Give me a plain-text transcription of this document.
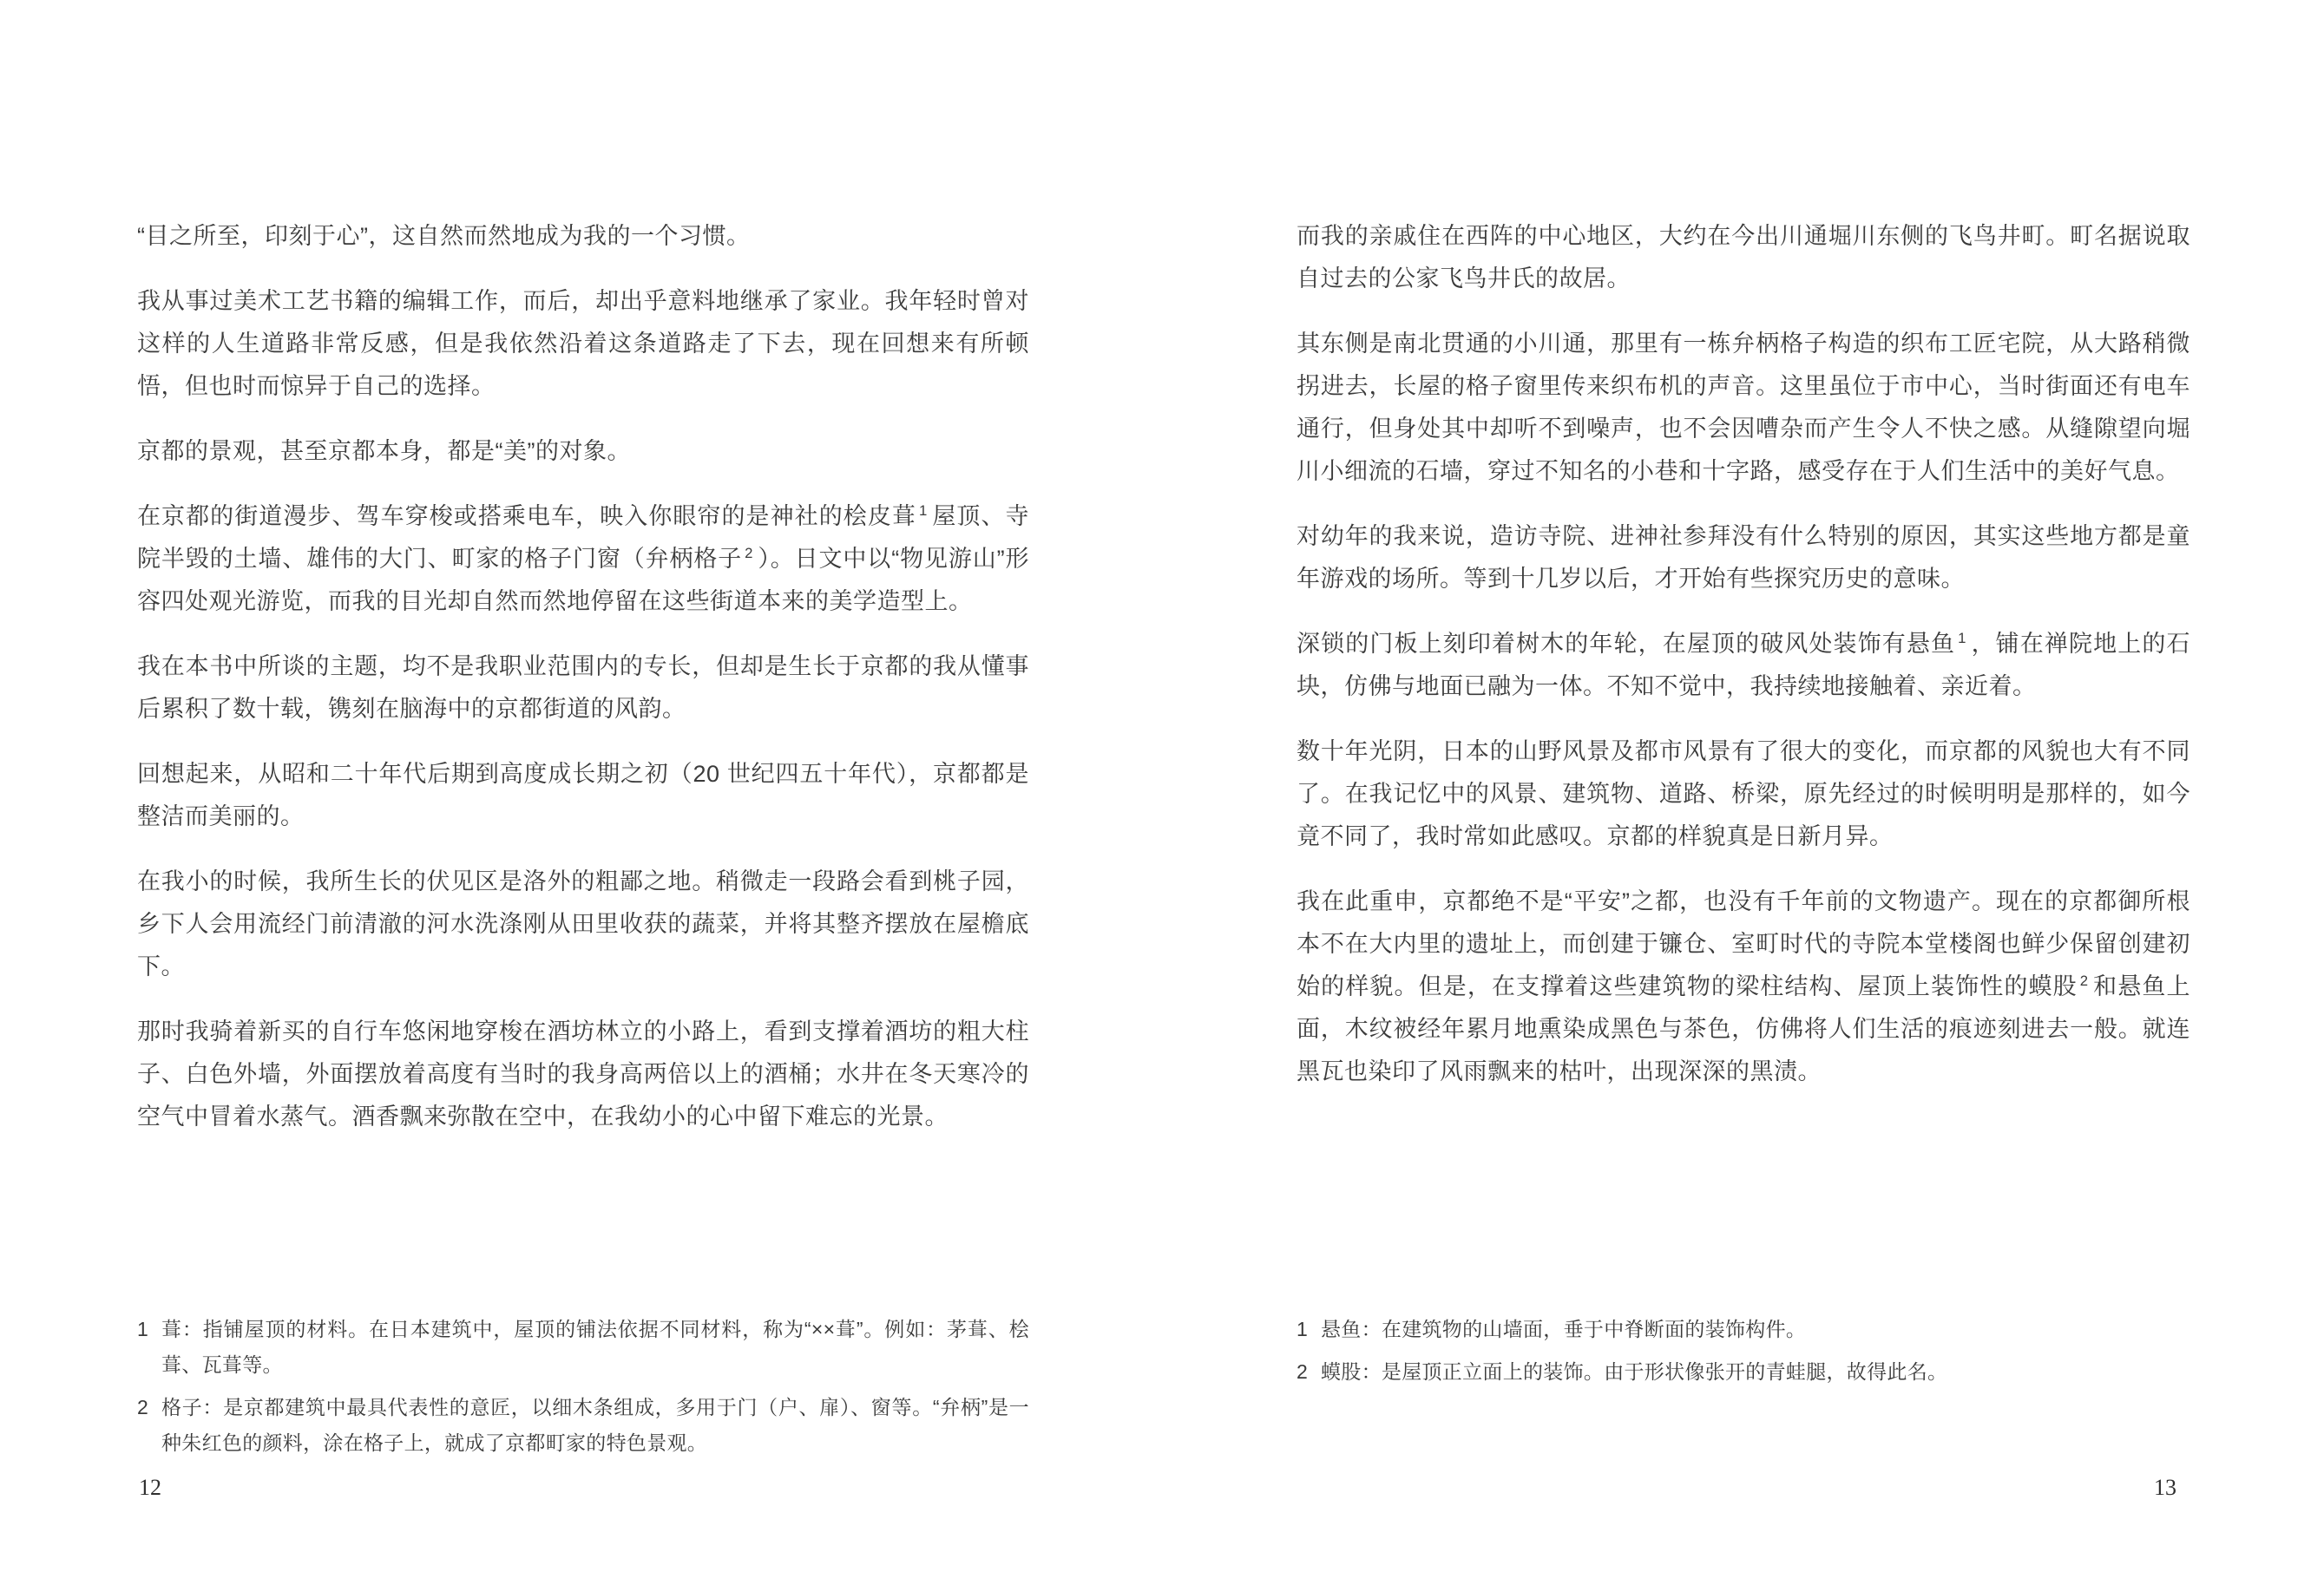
“目之所至，印刻于心”，这自然而然地成为我的一个习惯。

我从事过美术工艺书籍的编辑工作，而后，却出乎意料地继承了家业。我年轻时曾对这样的人生道路非常反感，但是我依然沿着这条道路走了下去，现在回想来有所顿悟，但也时而惊异于自己的选择。

京都的景观，甚至京都本身，都是“美”的对象。

在京都的街道漫步、驾车穿梭或搭乘电车，映入你眼帘的是神社的桧皮葺 $^1$ 屋顶、寺院半毁的土墙、雄伟的大门、町家的格子门窗（弁柄格子 $^2$ ）。日文中以“物见游山”形容四处观光游览，而我的目光却自然而然地停留在这些街道本来的美学造型上。

我在本书中所谈的主题，均不是我职业范围内的专长，但却是生长于京都的我从懂事后累积了数十载，镌刻在脑海中的京都街道的风韵。

回想起来，从昭和二十年代后期到高度成长期之初（20 世纪四五十年代），京都都是整洁而美丽的。

在我小的时候，我所生长的伏见区是洛外的粗鄙之地。稍微走一段路会看到桃子园，乡下人会用流经门前清澈的河水洗涤刚从田里收获的蔬菜，并将其整齐摆放在屋檐底下。

那时我骑着新买的自行车悠闲地穿梭在酒坊林立的小路上，看到支撑着酒坊的粗大柱子、白色外墙，外面摆放着高度有当时的我身高两倍以上的酒桶；水井在冬天寒冷的空气中冒着水蒸气。酒香飘来弥散在空中，在我幼小的心中留下难忘的光景。

1 葺：指铺屋顶的材料。在日本建筑中，屋顶的铺法依据不同材料，称为“××葺”。例如：茅葺、桧葺、瓦葺等。
2 格子：是京都建筑中最具代表性的意匠，以细木条组成，多用于门（户、扉）、窗等。“弁柄”是一种朱红色的颜料，涂在格子上，就成了京都町家的特色景观。
12

而我的亲戚住在西阵的中心地区，大约在今出川通堀川东侧的飞鸟井町。町名据说取自过去的公家飞鸟井氏的故居。

其东侧是南北贯通的小川通，那里有一栋弁柄格子构造的织布工匠宅院，从大路稍微拐进去，长屋的格子窗里传来织布机的声音。这里虽位于市中心，当时街面还有电车通行，但身处其中却听不到噪声，也不会因嘈杂而产生令人不快之感。从缝隙望向堀川小细流的石墙，穿过不知名的小巷和十字路，感受存在于人们生活中的美好气息。

对幼年的我来说，造访寺院、进神社参拜没有什么特别的原因，其实这些地方都是童年游戏的场所。等到十几岁以后，才开始有些探究历史的意味。

深锁的门板上刻印着树木的年轮，在屋顶的破风处装饰有悬鱼 $^1$ ，铺在禅院地上的石块，仿佛与地面已融为一体。不知不觉中，我持续地接触着、亲近着。

数十年光阴，日本的山野风景及都市风景有了很大的变化，而京都的风貌也大有不同了。在我记忆中的风景、建筑物、道路、桥梁，原先经过的时候明明是那样的，如今竟不同了，我时常如此感叹。京都的样貌真是日新月异。

我在此重申，京都绝不是“平安”之都，也没有千年前的文物遗产。现在的京都御所根本不在大内里的遗址上，而创建于镰仓、室町时代的寺院本堂楼阁也鲜少保留创建初始的样貌。但是，在支撑着这些建筑物的梁柱结构、屋顶上装饰性的蟆股 $^2$ 和悬鱼上面，木纹被经年累月地熏染成黑色与茶色，仿佛将人们生活的痕迹刻进去一般。就连黑瓦也染印了风雨飘来的枯叶，出现深深的黑渍。

1 悬鱼：在建筑物的山墙面，垂于中脊断面的装饰构件。
2 蟆股：是屋顶正立面上的装饰。由于形状像张开的青蛙腿，故得此名。
13
